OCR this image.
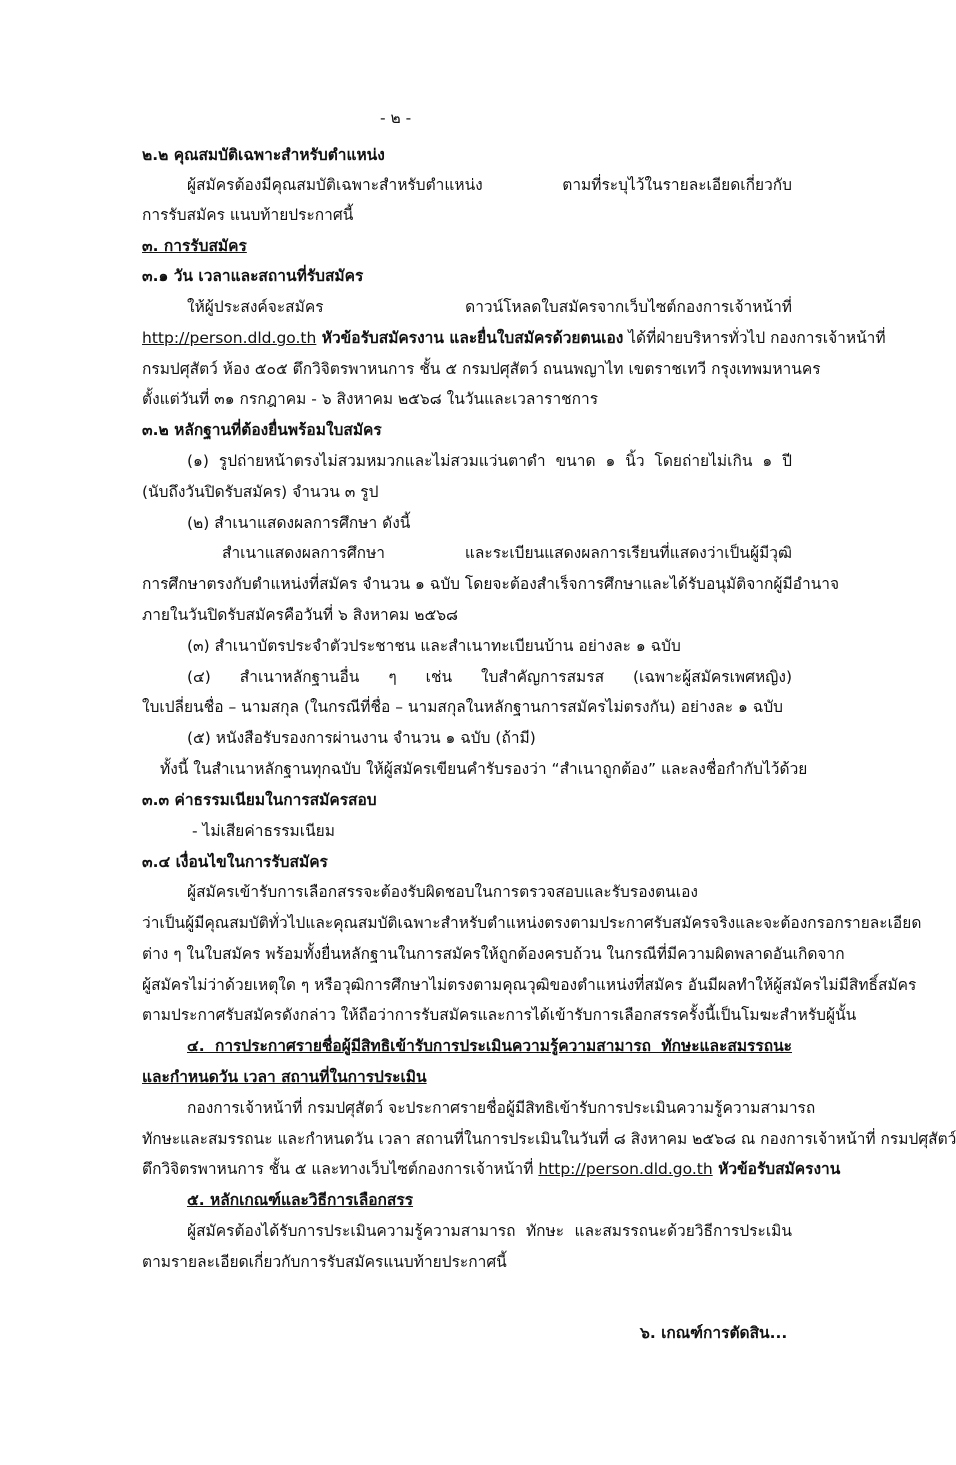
- ๒ -
๒.๒ คุณสมบัติเฉพาะสำหรับตำแหน่ง
ผู้สมัครต้องมีคุณสมบัติเฉพาะสำหรับตำแหน่ง ตามที่ระบุไว้ในรายละเอียดเกี่ยวกับ
การรับสมัคร แนบท้ายประกาศนี้
๓. การรับสมัคร
๓.๑ วัน เวลาและสถานที่รับสมัคร
ให้ผู้ประสงค์จะสมัคร ดาวน์โหลดใบสมัครจากเว็บไซต์กองการเจ้าหน้าที่
http://person.dld.go.th หัวข้อรับสมัครงาน และยื่นใบสมัครด้วยตนเอง ได้ที่ฝ่ายบริหารทั่วไป กองการเจ้าหน้าที่
กรมปศุสัตว์ ห้อง ๕๐๕ ตึกวิจิตรพาหนการ ชั้น ๕ กรมปศุสัตว์ ถนนพญาไท เขตราชเทวี กรุงเทพมหานคร
ตั้งแต่วันที่ ๓๑ กรกฎาคม - ๖ สิงหาคม ๒๕๖๘ ในวันและเวลาราชการ
๓.๒ หลักฐานที่ต้องยื่นพร้อมใบสมัคร
(๑) รูปถ่ายหน้าตรงไม่สวมหมวกและไม่สวมแว่นตาดำ ขนาด ๑ นิ้ว โดยถ่ายไม่เกิน ๑ ปี
(นับถึงวันปิดรับสมัคร) จำนวน ๓ รูป
(๒) สำเนาแสดงผลการศึกษา ดังนี้
สำเนาแสดงผลการศึกษา และระเบียนแสดงผลการเรียนที่แสดงว่าเป็นผู้มีวุฒิ
การศึกษาตรงกับตำแหน่งที่สมัคร จำนวน ๑ ฉบับ โดยจะต้องสำเร็จการศึกษาและได้รับอนุมัติจากผู้มีอำนาจ
ภายในวันปิดรับสมัครคือวันที่ ๖ สิงหาคม ๒๕๖๘
(๓) สำเนาบัตรประจำตัวประชาชน และสำเนาทะเบียนบ้าน อย่างละ ๑ ฉบับ
(๔) สำเนาหลักฐานอื่น ๆ เช่น ใบสำคัญการสมรส (เฉพาะผู้สมัครเพศหญิง)
ใบเปลี่ยนชื่อ – นามสกุล (ในกรณีที่ชื่อ – นามสกุลในหลักฐานการสมัครไม่ตรงกัน) อย่างละ ๑ ฉบับ
(๕) หนังสือรับรองการผ่านงาน จำนวน ๑ ฉบับ (ถ้ามี)
ทั้งนี้ ในสำเนาหลักฐานทุกฉบับ ให้ผู้สมัครเขียนคำรับรองว่า “สำเนาถูกต้อง” และลงชื่อกำกับไว้ด้วย
๓.๓ ค่าธรรมเนียมในการสมัครสอบ
- ไม่เสียค่าธรรมเนียม
๓.๔ เงื่อนไขในการรับสมัคร
ผู้สมัครเข้ารับการเลือกสรรจะต้องรับผิดชอบในการตรวจสอบและรับรองตนเอง
ว่าเป็นผู้มีคุณสมบัติทั่วไปและคุณสมบัติเฉพาะสำหรับตำแหน่งตรงตามประกาศรับสมัครจริงและจะต้องกรอกรายละเอียด
ต่าง ๆ ในใบสมัคร พร้อมทั้งยื่นหลักฐานในการสมัครให้ถูกต้องครบถ้วน ในกรณีที่มีความผิดพลาดอันเกิดจาก
ผู้สมัครไม่ว่าด้วยเหตุใด ๆ หรือวุฒิการศึกษาไม่ตรงตามคุณวุฒิของตำแหน่งที่สมัคร อันมีผลทำให้ผู้สมัครไม่มีสิทธิ์สมัคร
ตามประกาศรับสมัครดังกล่าว ให้ถือว่าการรับสมัครและการได้เข้ารับการเลือกสรรครั้งนี้เป็นโมฆะสำหรับผู้นั้น
๔. การประกาศรายชื่อผู้มีสิทธิเข้ารับการประเมินความรู้ความสามารถ ทักษะและสมรรถนะ
และกำหนดวัน เวลา สถานที่ในการประเมิน
กองการเจ้าหน้าที่ กรมปศุสัตว์ จะประกาศรายชื่อผู้มีสิทธิเข้ารับการประเมินความรู้ความสามารถ
ทักษะและสมรรถนะ และกำหนดวัน เวลา สถานที่ในการประเมินในวันที่ ๘ สิงหาคม ๒๕๖๘ ณ กองการเจ้าหน้าที่ กรมปศุสัตว์
ตึกวิจิตรพาหนการ ชั้น ๕ และทางเว็บไซต์กองการเจ้าหน้าที่ http://person.dld.go.th หัวข้อรับสมัครงาน
๕. หลักเกณฑ์และวิธีการเลือกสรร
ผู้สมัครต้องได้รับการประเมินความรู้ความสามารถ ทักษะ และสมรรถนะด้วยวิธีการประเมิน
ตามรายละเอียดเกี่ยวกับการรับสมัครแนบท้ายประกาศนี้
๖. เกณฑ์การตัดสิน...
